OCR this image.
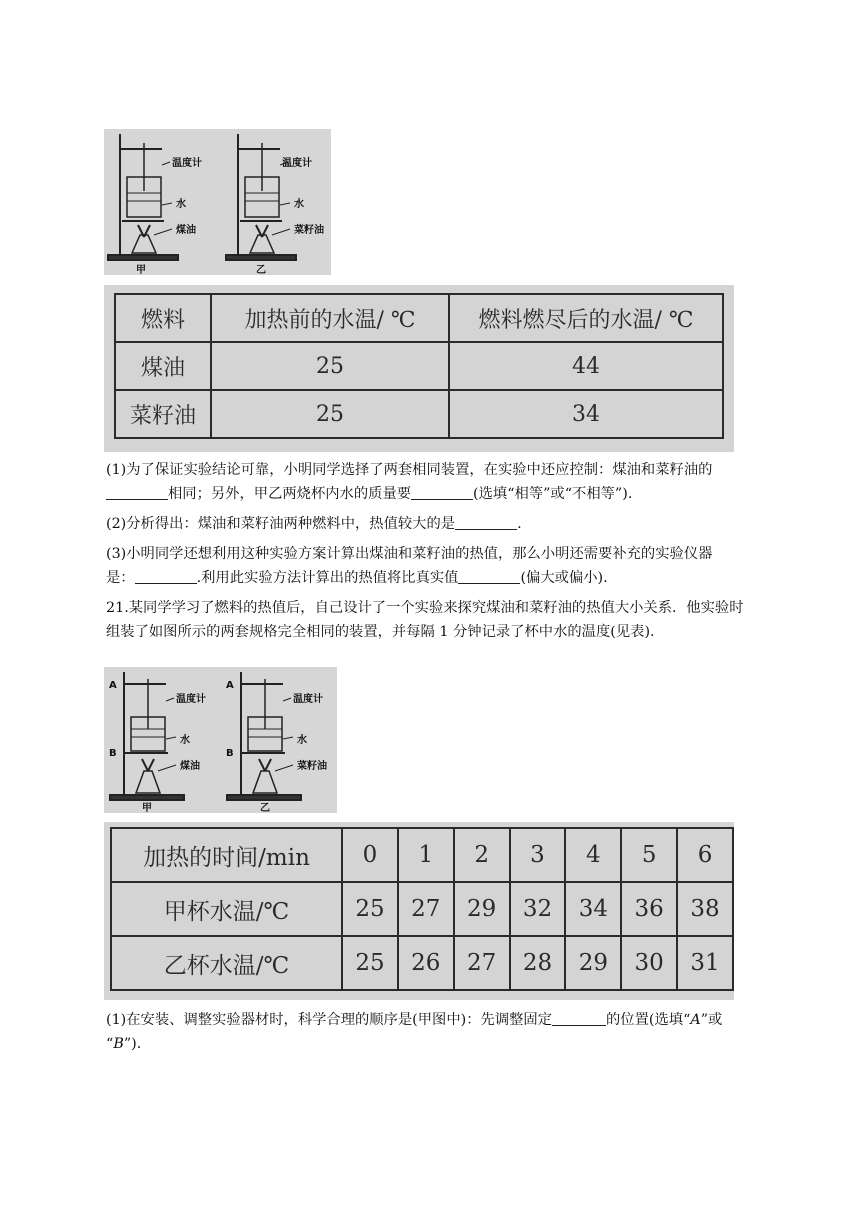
温度计
水
煤油
甲
温度计
水
菜籽油
乙
燃料	加热前的水温/ ℃	燃料燃尽后的水温/ ℃
煤油	25	44
菜籽油	25	34

(1)为了保证实验结论可靠，小明同学选择了两套相同装置，在实验中还应控制：煤油和菜籽油的
相同；另外，甲乙两烧杯内水的质量要	(选填“相等”或“不相等”).

(2)分析得出：煤油和菜籽油两种燃料中，热值较大的是	.

(3)小明同学还想利用这种实验方案计算出煤油和菜籽油的热值，那么小明还需要补充的实验仪器
是：	.利用此实验方法计算出的热值将比真实值	(偏大或偏小).

21.某同学学习了燃料的热值后，自己设计了一个实验来探究煤油和菜籽油的热值大小关系．他实验时组装了如图所示的两套规格完全相同的装置，并每隔 1 分钟记录了杯中水的温度(见表).

A
B
温度计
水
煤油
甲
A
B
温度计
水
菜籽油
乙
加热的时间/min	0	1	2	3	4	5	6
甲杯水温/℃	25	27	29	32	34	36	38
乙杯水温/℃	25	26	27	28	29	30	31

(1)在安装、调整实验器材时，科学合理的顺序是(甲图中)：先调整固定	的位置(选填“A”或
“B”).
